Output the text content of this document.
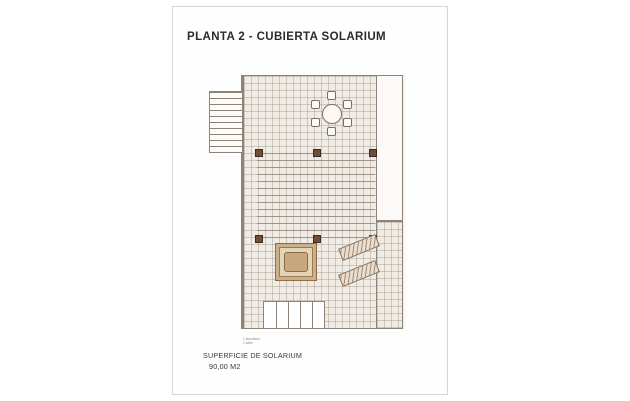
PLANTA 2 - CUBIERTA SOLARIUM
1 dormitorio
1 baño
SUPERFICIE DE SOLARIUM
90,00 M2
